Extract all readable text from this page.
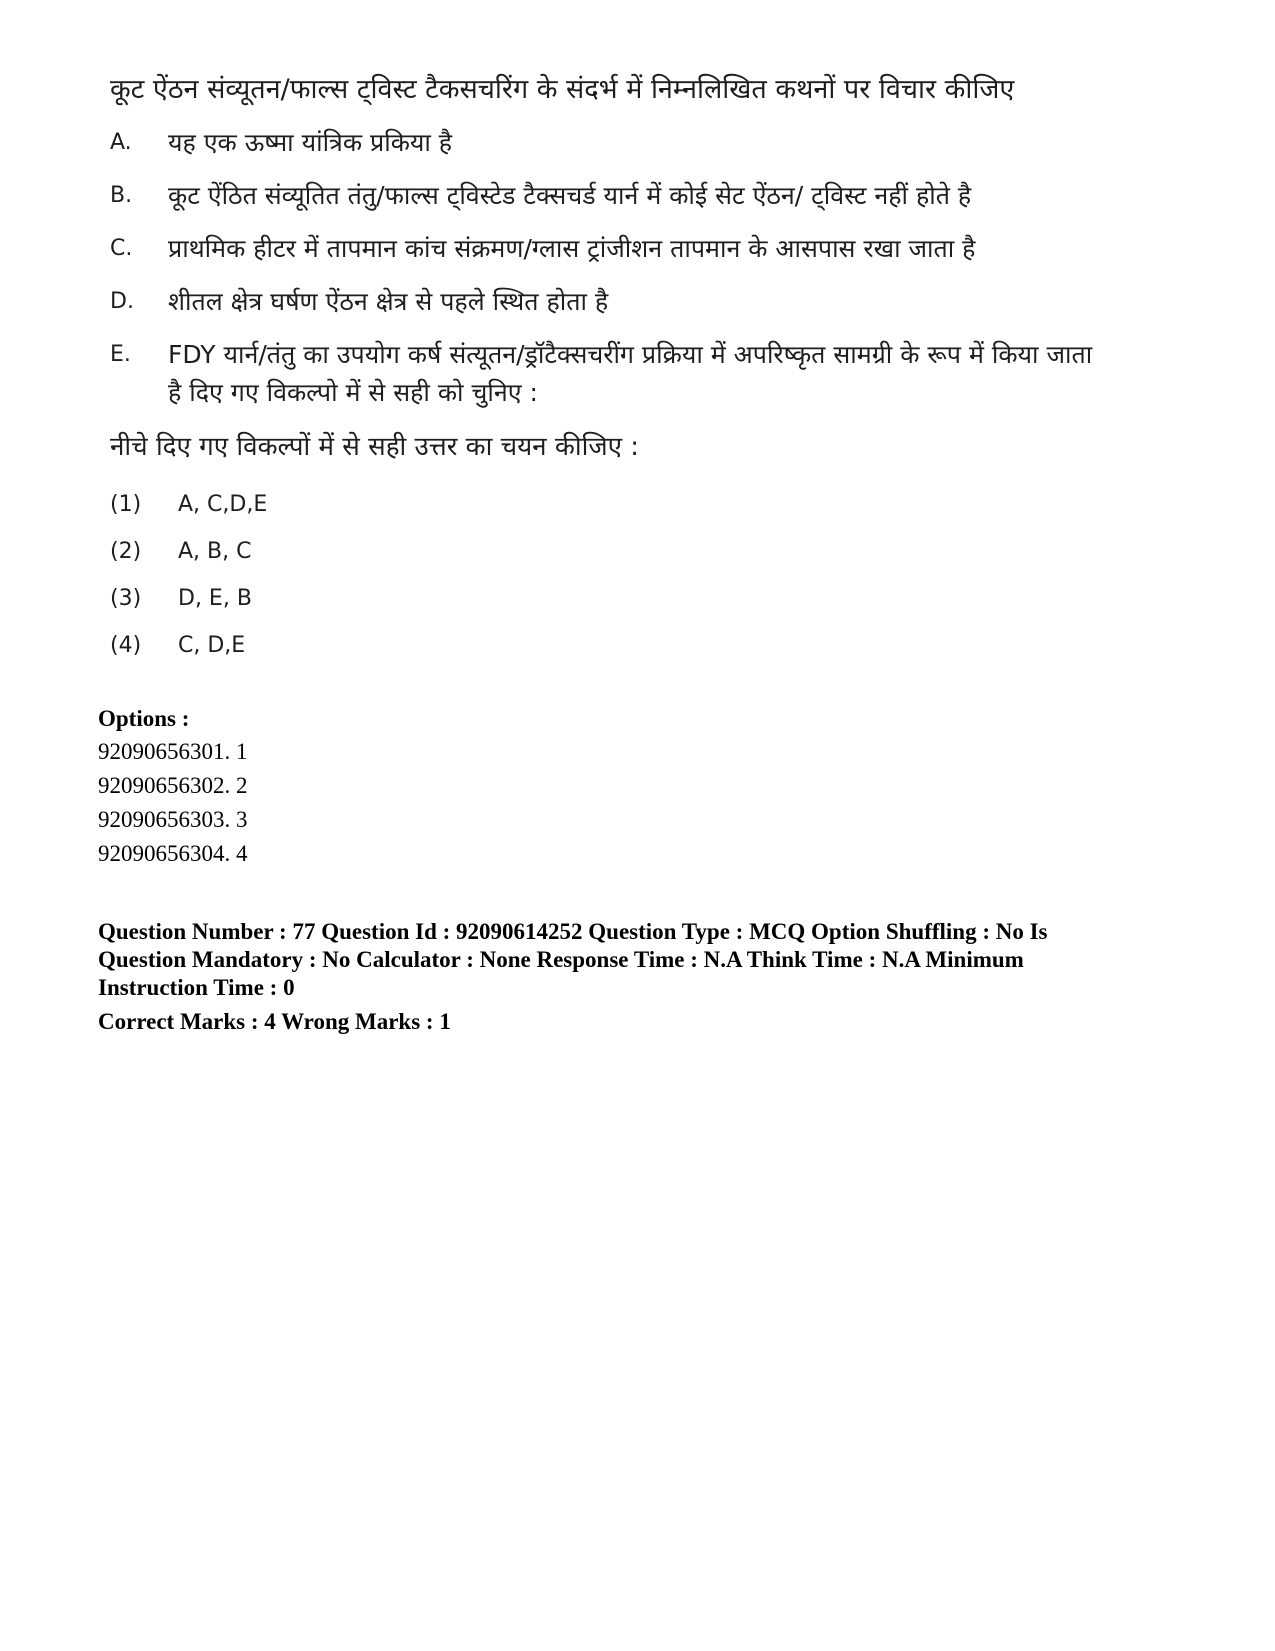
कूट ऐंठन संव्यूतन/फाल्स ट्विस्ट टैकसचरिंग के संदर्भ में निम्नलिखित कथनों पर विचार कीजिए
A.	यह एक ऊष्मा यांत्रिक प्रकिया है
B.	कूट ऐंठित संव्यूतित तंतु/फाल्स ट्विस्टेड टैक्सचर्ड यार्न में कोई सेट ऐंठन/ ट्विस्ट नहीं होते है
C.	प्राथमिक हीटर में तापमान कांच संक्रमण/ग्लास ट्रांजीशन तापमान के आसपास रखा जाता है
D.	शीतल क्षेत्र घर्षण ऐंठन क्षेत्र से पहले स्थित होता है
E.	FDY यार्न/तंतु का उपयोग कर्ष संत्यूतन/ड्रॉटैक्सचरींग प्रक्रिया में अपरिष्कृत सामग्री के रूप में किया जाता है दिए गए विकल्पो में से सही को चुनिए :
नीचे दिए गए विकल्पों में से सही उत्तर का चयन कीजिए :
(1)	A, C,D,E
(2)	A, B, C
(3)	D, E, B
(4)	C, D,E
Options :
92090656301. 1
92090656302. 2
92090656303. 3
92090656304. 4
Question Number : 77 Question Id : 92090614252 Question Type : MCQ Option Shuffling : No Is Question Mandatory : No Calculator : None Response Time : N.A Think Time : N.A Minimum Instruction Time : 0
Correct Marks : 4 Wrong Marks : 1
